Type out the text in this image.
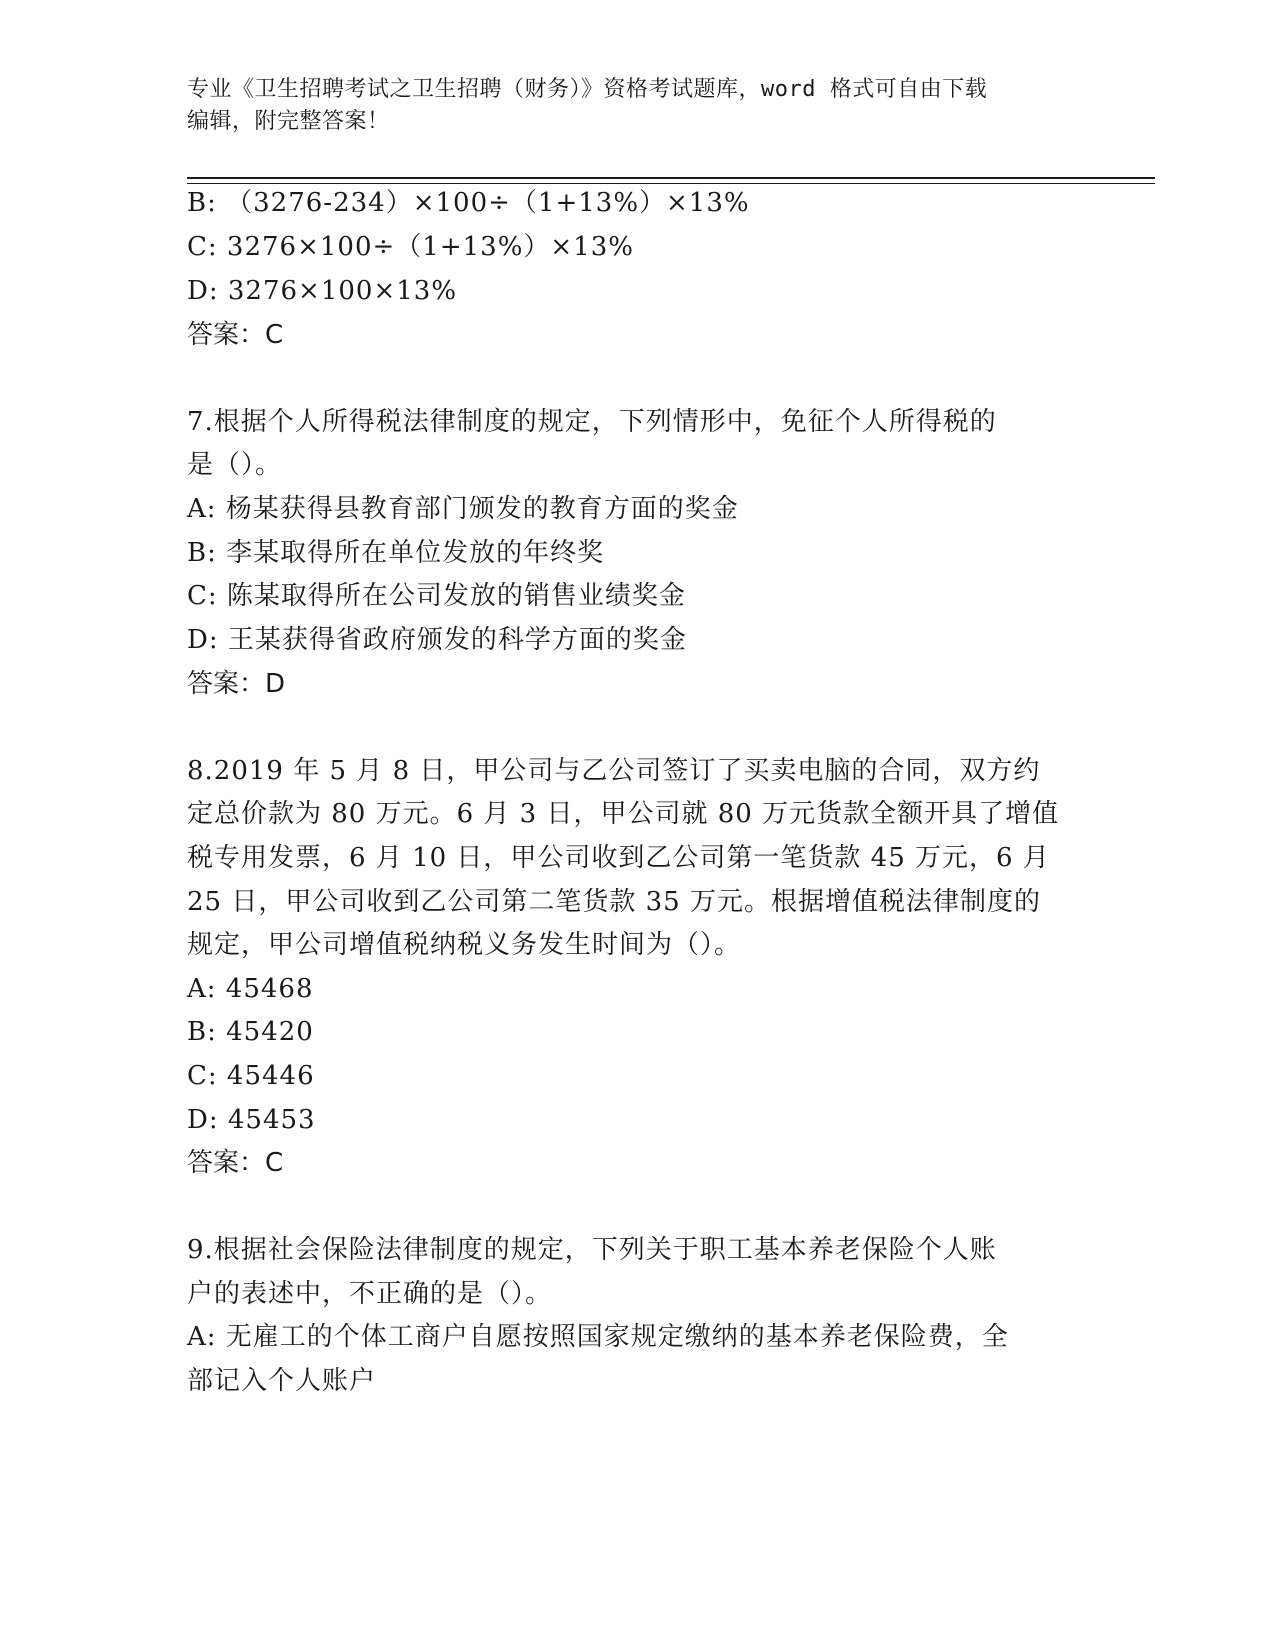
专业《卫生招聘考试之卫生招聘（财务）》资格考试题库，word 格式可自由下载
编辑，附完整答案！
B: （3276-234）×100÷（1+13%）×13%
C: 3276×100÷（1+13%）×13%
D: 3276×100×13%
答案：C
7.根据个人所得税法律制度的规定，下列情形中，免征个人所得税的
是（）。
A: 杨某获得县教育部门颁发的教育方面的奖金
B: 李某取得所在单位发放的年终奖
C: 陈某取得所在公司发放的销售业绩奖金
D: 王某获得省政府颁发的科学方面的奖金
答案：D
8.2019 年 5 月 8 日，甲公司与乙公司签订了买卖电脑的合同，双方约
定总价款为 80 万元。6 月 3 日，甲公司就 80 万元货款全额开具了增值
税专用发票，6 月 10 日，甲公司收到乙公司第一笔货款 45 万元，6 月
25 日，甲公司收到乙公司第二笔货款 35 万元。根据增值税法律制度的
规定，甲公司增值税纳税义务发生时间为（）。
A: 45468
B: 45420
C: 45446
D: 45453
答案：C
9.根据社会保险法律制度的规定，下列关于职工基本养老保险个人账
户的表述中，不正确的是（）。
A: 无雇工的个体工商户自愿按照国家规定缴纳的基本养老保险费，全
部记入个人账户
